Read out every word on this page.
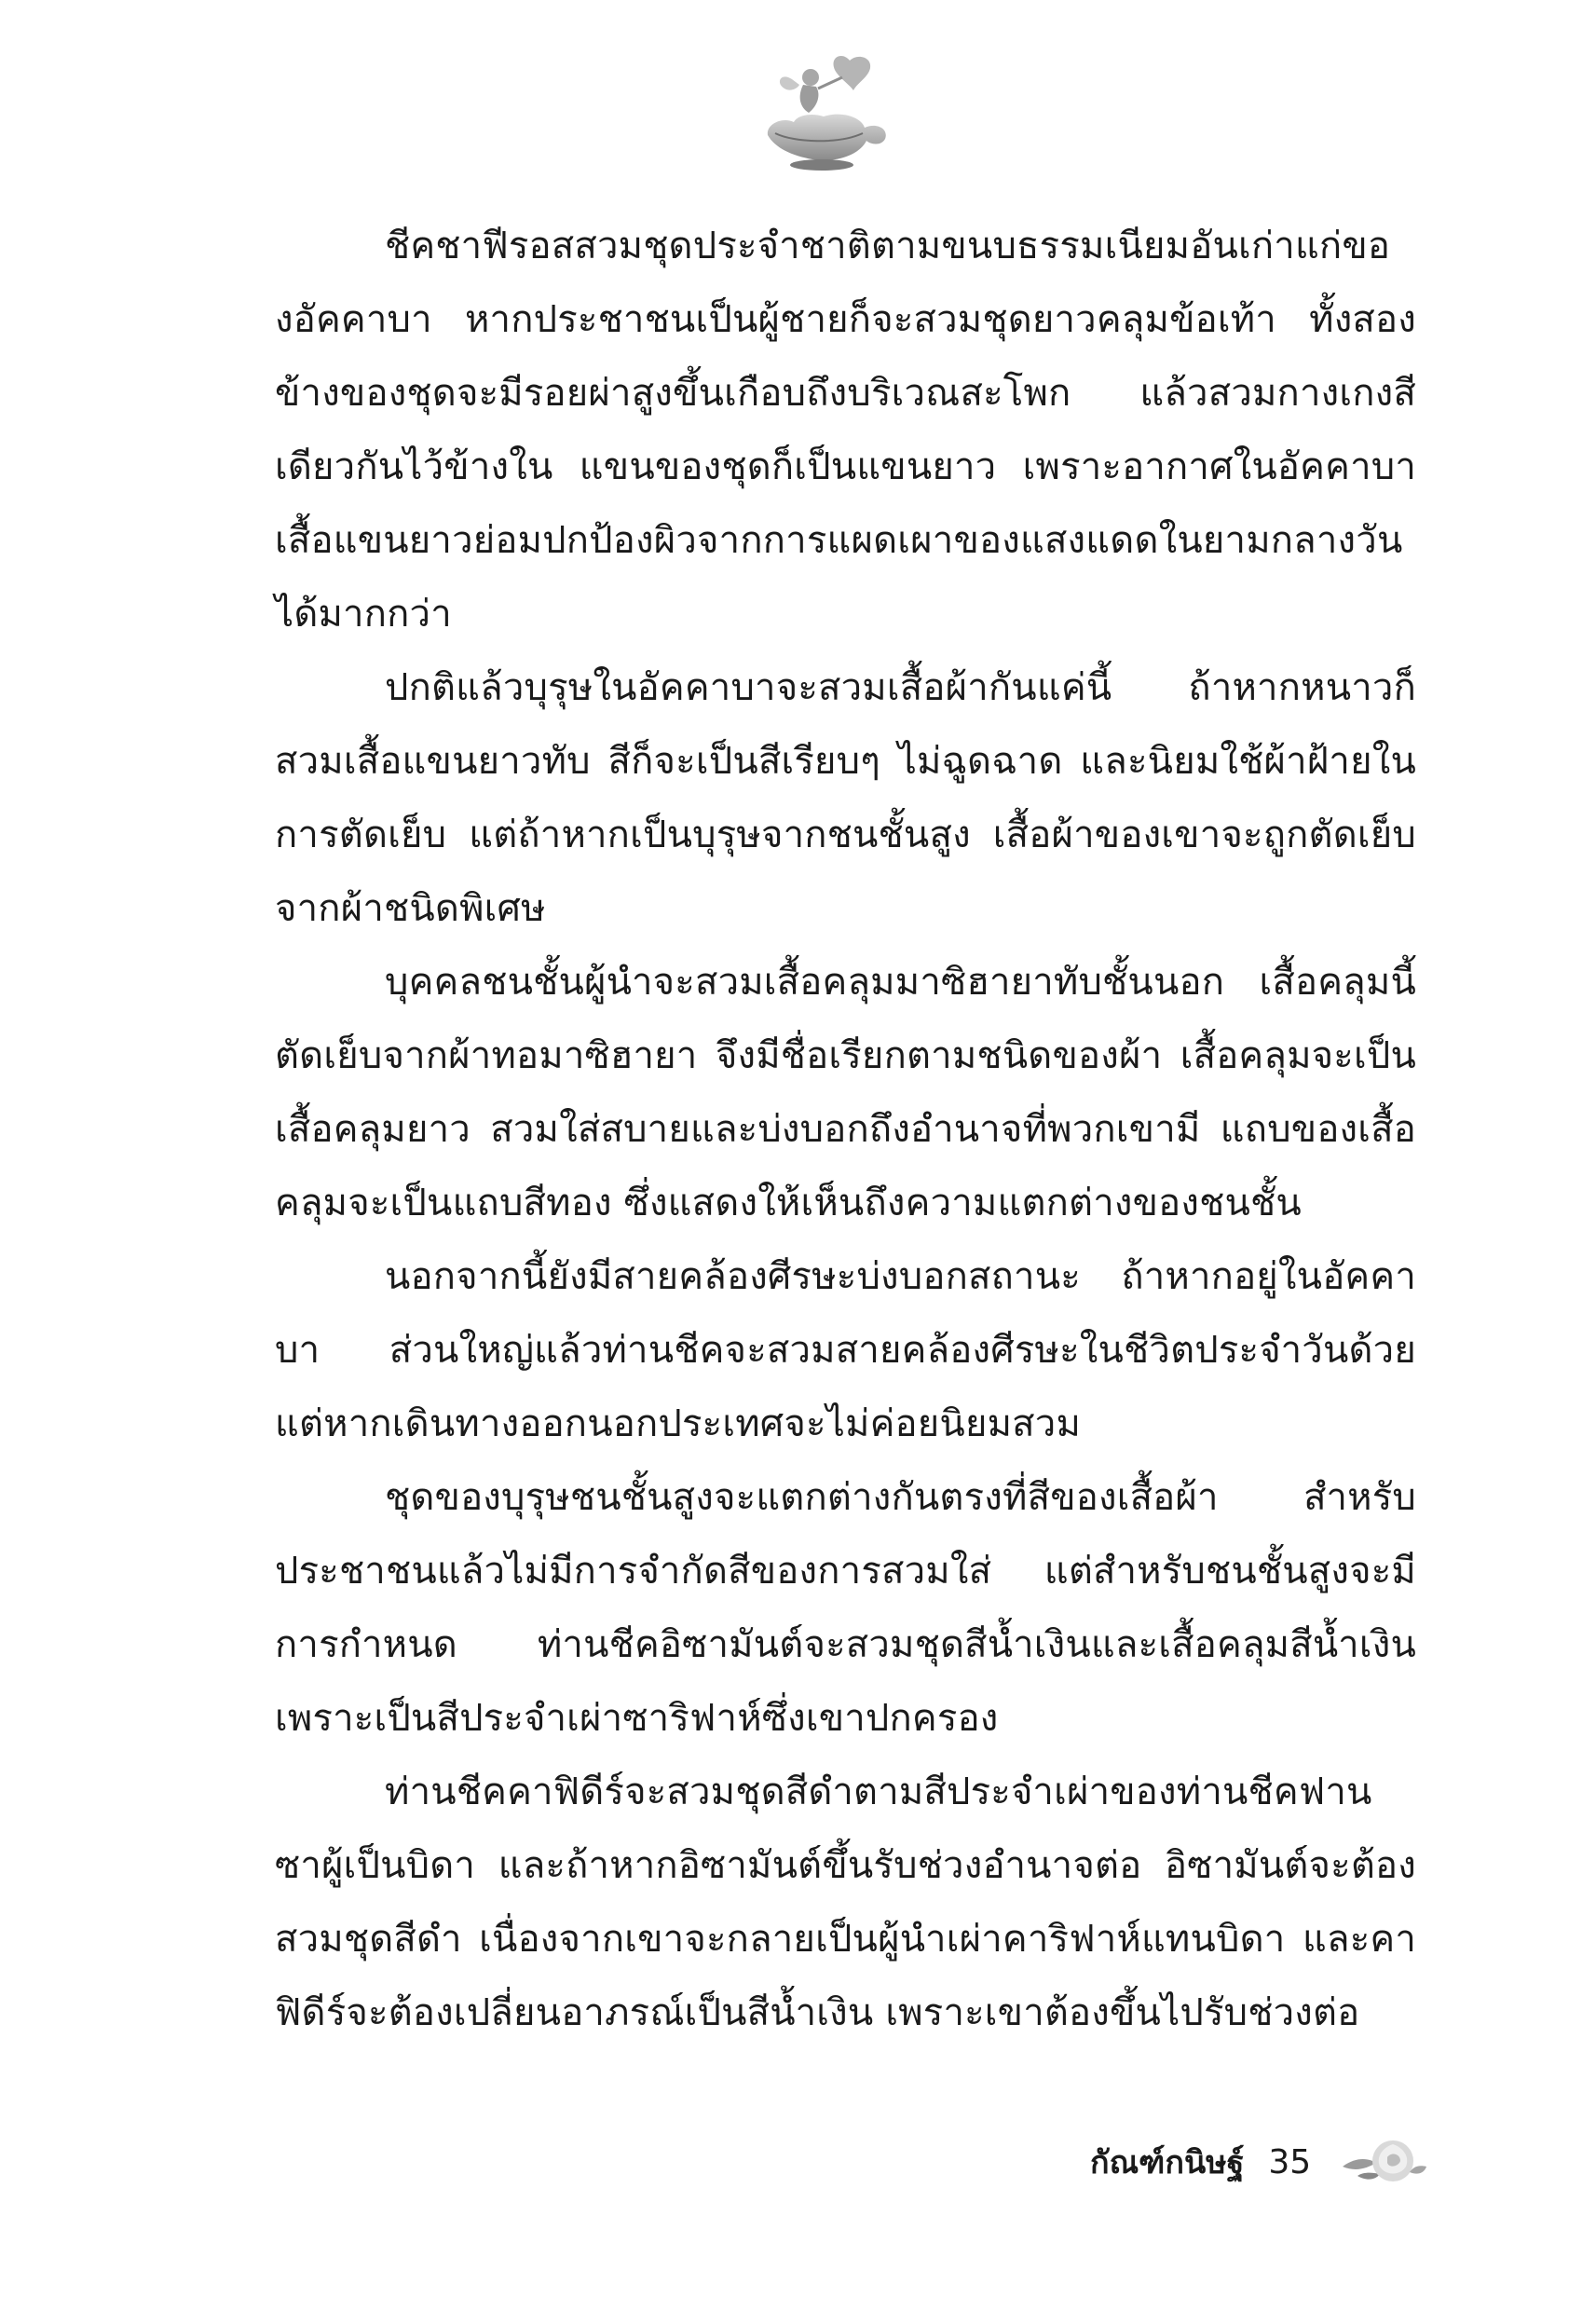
ชีคชาฟีรอสสวมชุดประจำชาติตามขนบธรรมเนียมอันเก่าแก่ของอัคคาบา หากประชาชนเป็นผู้ชายก็จะสวมชุดยาวคลุมข้อเท้า ทั้งสองข้างของชุดจะมีรอยผ่าสูงขึ้นเกือบถึงบริเวณสะโพก แล้วสวมกางเกงสีเดียวกันไว้ข้างใน แขนของชุดก็เป็นแขนยาว เพราะอากาศในอัคคาบา เสื้อแขนยาวย่อมปกป้องผิวจากการแผดเผาของแสงแดดในยามกลางวันได้มากกว่า

ปกติแล้วบุรุษในอัคคาบาจะสวมเสื้อผ้ากันแค่นี้ ถ้าหากหนาวก็สวมเสื้อแขนยาวทับ สีก็จะเป็นสีเรียบๆ ไม่ฉูดฉาด และนิยมใช้ผ้าฝ้ายในการตัดเย็บ แต่ถ้าหากเป็นบุรุษจากชนชั้นสูง เสื้อผ้าของเขาจะถูกตัดเย็บจากผ้าชนิดพิเศษ

บุคคลชนชั้นผู้นำจะสวมเสื้อคลุมมาซิฮายาทับชั้นนอก เสื้อคลุมนี้ตัดเย็บจากผ้าทอมาซิฮายา จึงมีชื่อเรียกตามชนิดของผ้า เสื้อคลุมจะเป็นเสื้อคลุมยาว สวมใส่สบายและบ่งบอกถึงอำนาจที่พวกเขามี แถบของเสื้อคลุมจะเป็นแถบสีทอง ซึ่งแสดงให้เห็นถึงความแตกต่างของชนชั้น

นอกจากนี้ยังมีสายคล้องศีรษะบ่งบอกสถานะ ถ้าหากอยู่ในอัคคาบา ส่วนใหญ่แล้วท่านชีคจะสวมสายคล้องศีรษะในชีวิตประจำวันด้วย แต่หากเดินทางออกนอกประเทศจะไม่ค่อยนิยมสวม

ชุดของบุรุษชนชั้นสูงจะแตกต่างกันตรงที่สีของเสื้อผ้า สำหรับประชาชนแล้วไม่มีการจำกัดสีของการสวมใส่ แต่สำหรับชนชั้นสูงจะมีการกำหนด ท่านชีคอิซามันต์จะสวมชุดสีน้ำเงินและเสื้อคลุมสีน้ำเงิน เพราะเป็นสีประจำเผ่าซาริฟาห์ซึ่งเขาปกครอง

ท่านชีคคาฟิดีร์จะสวมชุดสีดำตามสีประจำเผ่าของท่านชีคฟานซาผู้เป็นบิดา และถ้าหากอิซามันต์ขึ้นรับช่วงอำนาจต่อ อิซามันต์จะต้องสวมชุดสีดำ เนื่องจากเขาจะกลายเป็นผู้นำเผ่าคาริฟาห์แทนบิดา และคาฟิดีร์จะต้องเปลี่ยนอาภรณ์เป็นสีน้ำเงิน เพราะเขาต้องขึ้นไปรับช่วงต่อ

กัณฑ์กนิษฐ์ 35
